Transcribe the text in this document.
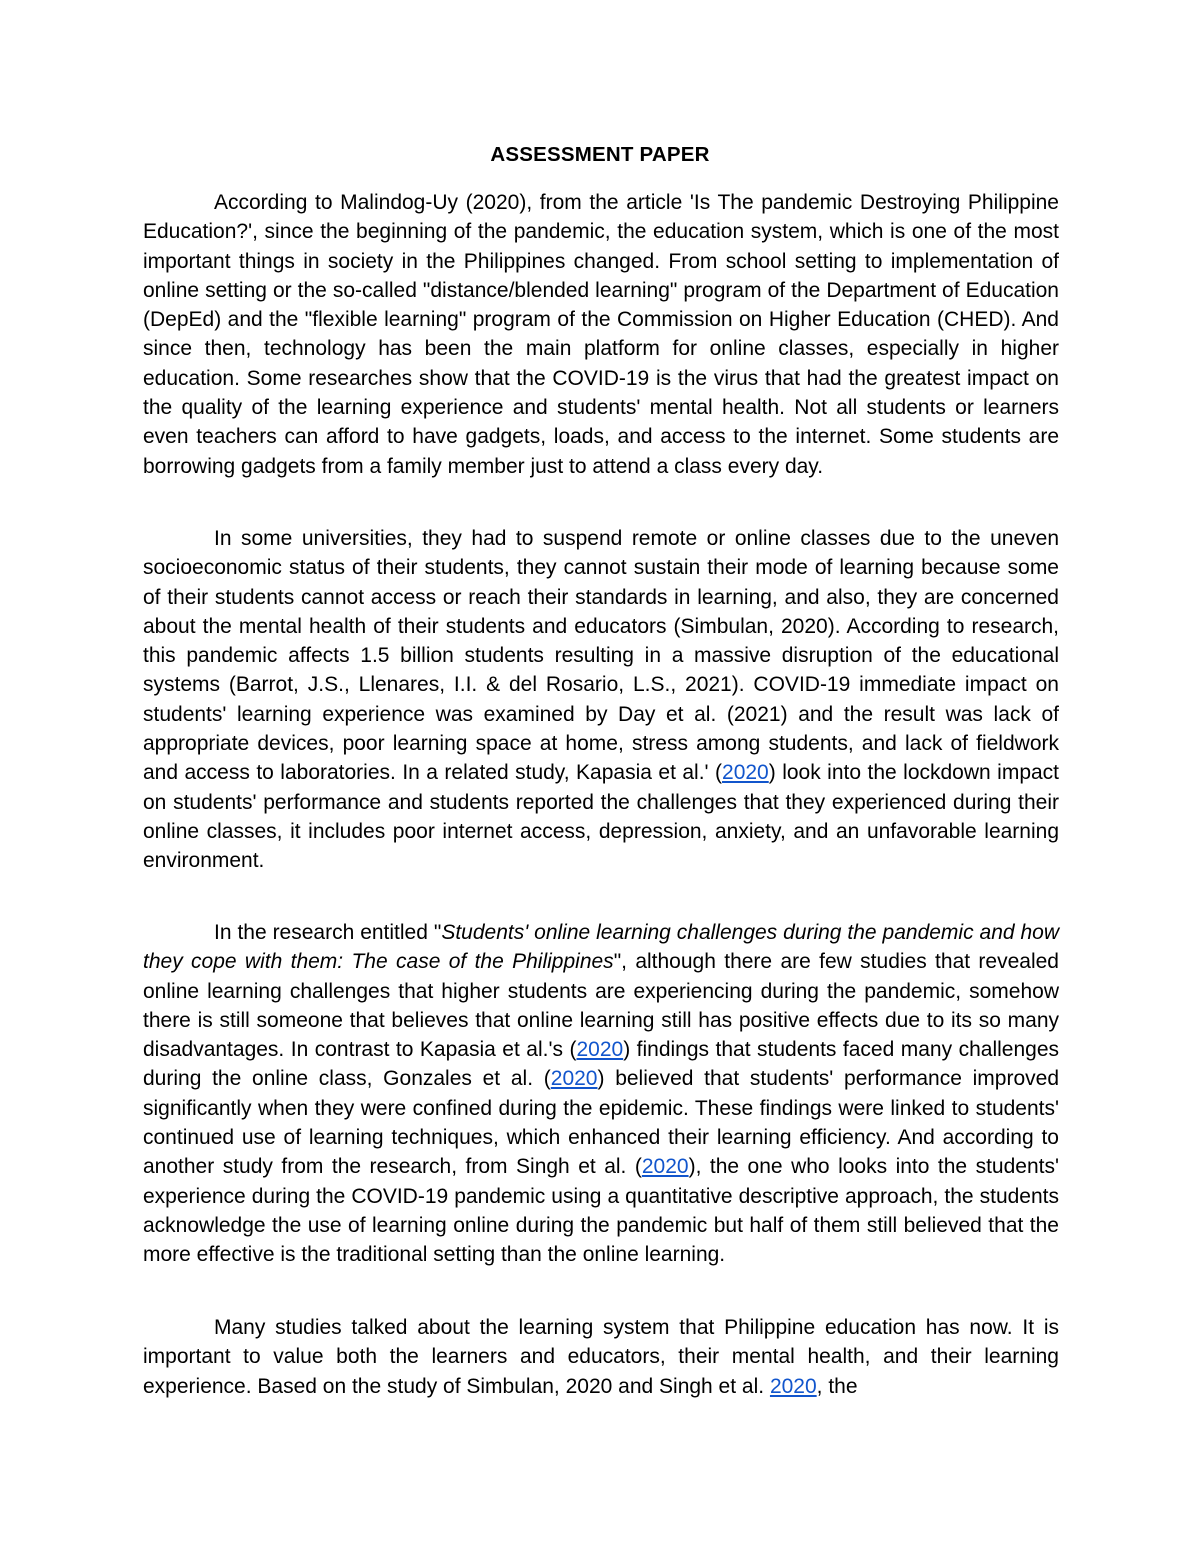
ASSESSMENT PAPER

According to Malindog-Uy (2020), from the article 'Is The pandemic Destroying Philippine Education?', since the beginning of the pandemic, the education system, which is one of the most important things in society in the Philippines changed. From school setting to implementation of online setting or the so-called "distance/blended learning" program of the Department of Education (DepEd) and the "flexible learning" program of the Commission on Higher Education (CHED). And since then, technology has been the main platform for online classes, especially in higher education. Some researches show that the COVID-19 is the virus that had the greatest impact on the quality of the learning experience and students' mental health. Not all students or learners even teachers can afford to have gadgets, loads, and access to the internet. Some students are borrowing gadgets from a family member just to attend a class every day.

In some universities, they had to suspend remote or online classes due to the uneven socioeconomic status of their students, they cannot sustain their mode of learning because some of their students cannot access or reach their standards in learning, and also, they are concerned about the mental health of their students and educators (Simbulan, 2020). According to research, this pandemic affects 1.5 billion students resulting in a massive disruption of the educational systems (Barrot, J.S., Llenares, I.I. & del Rosario, L.S., 2021). COVID-19 immediate impact on students' learning experience was examined by Day et al. (2021) and the result was lack of appropriate devices, poor learning space at home, stress among students, and lack of fieldwork and access to laboratories. In a related study, Kapasia et al.' (2020) look into the lockdown impact on students' performance and students reported the challenges that they experienced during their online classes, it includes poor internet access, depression, anxiety, and an unfavorable learning environment.

In the research entitled "Students' online learning challenges during the pandemic and how they cope with them: The case of the Philippines", although there are few studies that revealed online learning challenges that higher students are experiencing during the pandemic, somehow there is still someone that believes that online learning still has positive effects due to its so many disadvantages. In contrast to Kapasia et al.'s (2020) findings that students faced many challenges during the online class, Gonzales et al. (2020) believed that students' performance improved significantly when they were confined during the epidemic. These findings were linked to students' continued use of learning techniques, which enhanced their learning efficiency. And according to another study from the research, from Singh et al. (2020), the one who looks into the students' experience during the COVID-19 pandemic using a quantitative descriptive approach, the students acknowledge the use of learning online during the pandemic but half of them still believed that the more effective is the traditional setting than the online learning.

Many studies talked about the learning system that Philippine education has now. It is important to value both the learners and educators, their mental health, and their learning experience. Based on the study of Simbulan, 2020 and Singh et al. 2020, the
